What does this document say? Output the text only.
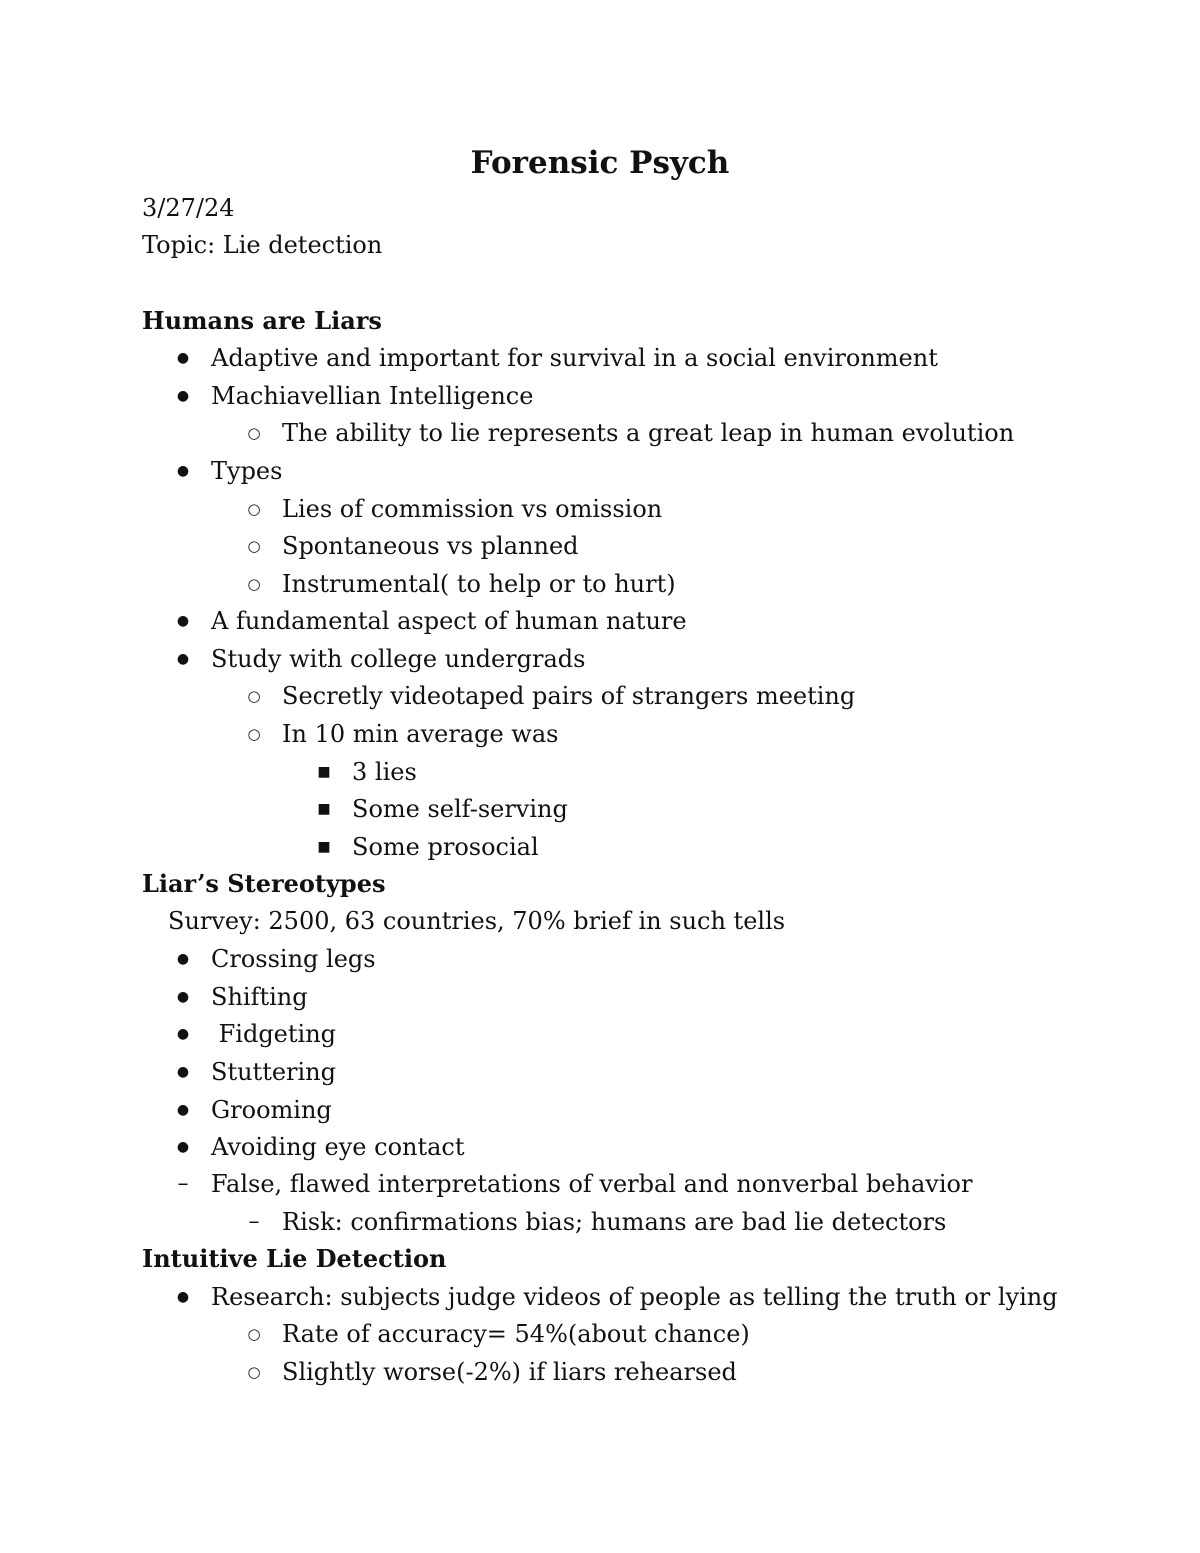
Forensic Psych
3/27/24
Topic: Lie detection
Humans are Liars
● Adaptive and important for survival in a social environment
● Machiavellian Intelligence
○ The ability to lie represents a great leap in human evolution
● Types
○ Lies of commission vs omission
○ Spontaneous vs planned
○ Instrumental( to help or to hurt)
● A fundamental aspect of human nature
● Study with college undergrads
○ Secretly videotaped pairs of strangers meeting
○ In 10 min average was
■ 3 lies
■ Some self-serving
■ Some prosocial
Liar’s Stereotypes
Survey: 2500, 63 countries, 70% brief in such tells
● Crossing legs
● Shifting
● Fidgeting
● Stuttering
● Grooming
● Avoiding eye contact
– False, flawed interpretations of verbal and nonverbal behavior
– Risk: confirmations bias; humans are bad lie detectors
Intuitive Lie Detection
● Research: subjects judge videos of people as telling the truth or lying
○ Rate of accuracy= 54%(about chance)
○ Slightly worse(-2%) if liars rehearsed
